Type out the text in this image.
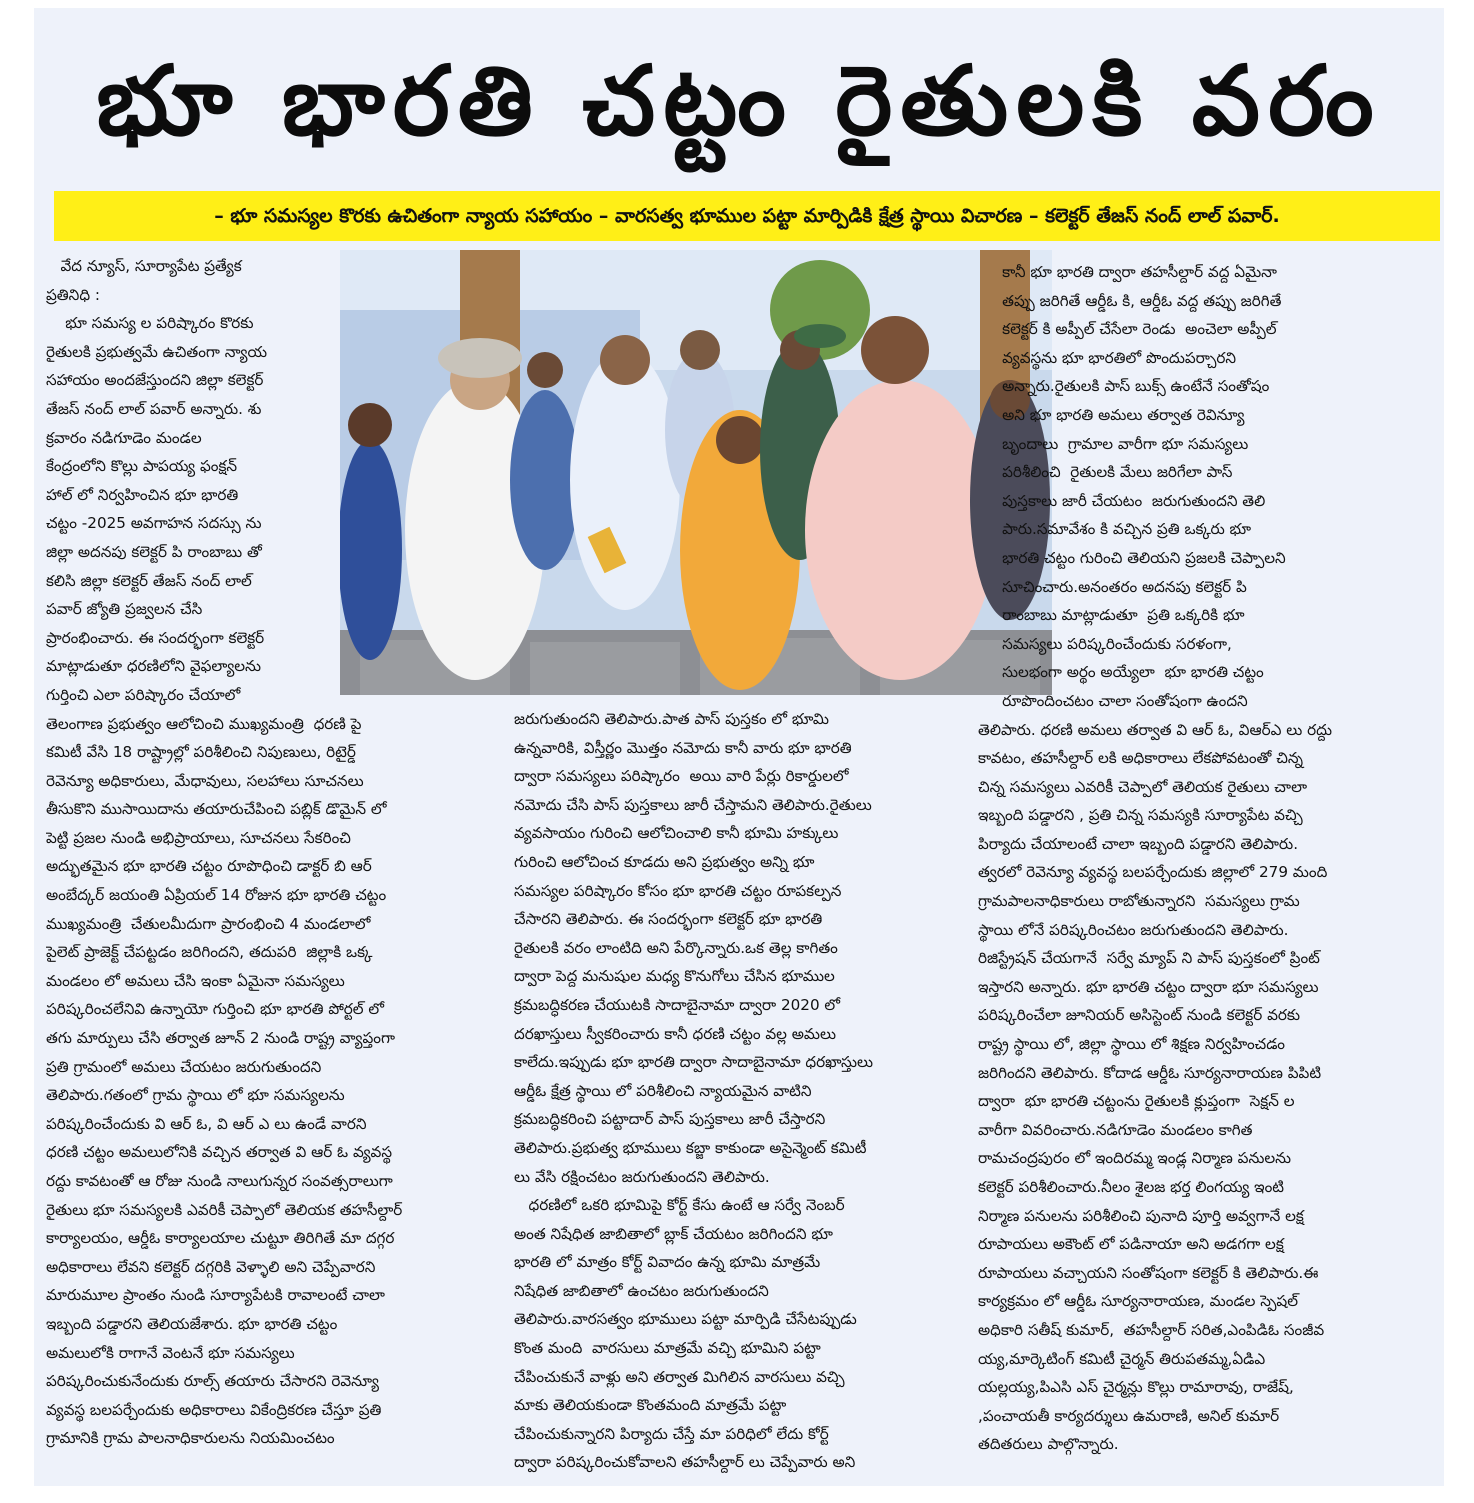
భూ భారతి చట్టం రైతులకి వరం
– భూ సమస్యల కొరకు ఉచితంగా న్యాయ సహాయం – వారసత్వ భూముల పట్టా మార్పిడికి క్షేత్ర స్థాయి విచారణ – కలెక్టర్ తేజస్ నంద్ లాల్ పవార్.
వేద న్యూస్, సూర్యాపేట ప్రత్యేక
ప్రతినిధి :
భూ సమస్య ల పరిష్కారం కొరకు
రైతులకి ప్రభుత్వమే ఉచితంగా న్యాయ
సహాయం అందజేస్తుందని జిల్లా కలెక్టర్
తేజస్ నంద్ లాల్ పవార్ అన్నారు. శు
క్రవారం నడిగూడెం మండల
కేంద్రంలోని కొల్లు పాపయ్య ఫంక్షన్
హాల్ లో నిర్వహించిన భూ భారతి
చట్టం -2025 అవగాహన సదస్సు ను
జిల్లా అదనపు కలెక్టర్ పి రాంబాబు తో
కలిసి జిల్లా కలెక్టర్ తేజస్ నంద్ లాల్
పవార్ జ్యోతి ప్రజ్వలన చేసి
ప్రారంభించారు. ఈ సందర్భంగా కలెక్టర్
మాట్లాడుతూ ధరణిలోని వైఫల్యాలను
గుర్తించి ఎలా పరిష్కారం చేయాలో
తెలంగాణ ప్రభుత్వం ఆలోచించి ముఖ్యమంత్రి  ధరణి పై
కమిటీ వేసి 18 రాష్ట్రాల్లో పరిశీలించి నిపుణులు, రిటైర్డ్
రెవెన్యూ అధికారులు, మేధావులు, సలహాలు సూచనలు
తీసుకొని ముసాయిదాను తయారుచేపించి పబ్లిక్ డొమైన్ లో
పెట్టి ప్రజల నుండి అభిప్రాయాలు, సూచనలు సేకరించి
అద్భుతమైన భూ భారతి చట్టం రూపొధించి డాక్టర్ బి ఆర్
అంబేద్కర్ జయంతి ఏప్రియల్ 14 రోజున భూ భారతి చట్టం
ముఖ్యమంత్రి  చేతులమీదుగా ప్రారంభించి 4 మండలాలో
పైలెట్ ప్రాజెక్ట్ చేపట్టడం జరిగిందని, తదుపరి  జిల్లాకి ఒక్క
మండలం లో అమలు చేసి ఇంకా ఏమైనా సమస్యలు
పరిష్కరించలేనివి ఉన్నాయో గుర్తించి భూ భారతి పోర్టల్ లో
తగు మార్పులు చేసి తర్వాత జూన్ 2 నుండి రాష్ట్ర వ్యాప్తంగా
ప్రతి గ్రామంలో అమలు చేయటం జరుగుతుందని
తెలిపారు.గతంలో గ్రామ స్థాయి లో భూ సమస్యలను
పరిష్కరించేందుకు వి ఆర్ ఓ, వి ఆర్ ఎ లు ఉండే వారని
ధరణి చట్టం అమలులోనికి వచ్చిన తర్వాత వి ఆర్ ఓ వ్యవస్థ
రద్దు కావటంతో ఆ రోజు నుండి నాలుగున్నర సంవత్సరాలుగా
రైతులు భూ సమస్యలకి ఎవరికీ చెప్పాలో తెలియక తహసీల్దార్
కార్యాలయం, ఆర్డీఓ కార్యాలయాల చుట్టూ తిరిగితే మా దగ్గర
అధికారాలు లేవని కలెక్టర్ దగ్గరికి వెళ్ళాలి అని చెప్పేవారని
మారుమూల ప్రాంతం నుండి సూర్యాపేటకి రావాలంటే చాలా
ఇబ్బంది పడ్డారని తెలియజేశారు. భూ భారతి చట్టం
అమలులోకి రాగానే వెంటనే భూ సమస్యలు
పరిష్కరించుకునేందుకు రూల్స్ తయారు చేసారని రెవెన్యూ
వ్యవస్థ బలపర్చేందుకు అధికారాలు వికేంద్రికరణ చేస్తూ ప్రతి
గ్రామానికి గ్రామ పాలనాధికారులను నియమించటం
జరుగుతుందని తెలిపారు.పాత పాస్ పుస్తకం లో భూమి
ఉన్నవారికి, విస్తీర్ణం మొత్తం నమోదు కానీ వారు భూ భారతి
ద్వారా సమస్యలు పరిష్కారం  అయి వారి పేర్లు రికార్డులలో
నమోదు చేసి పాస్ పుస్తకాలు జారీ చేస్తామని తెలిపారు.రైతులు
వ్యవసాయం గురించి ఆలోచించాలి కానీ భూమి హక్కులు
గురించి ఆలోచించ కూడదు అని ప్రభుత్వం అన్ని భూ
సమస్యల పరిష్కారం కోసం భూ భారతి చట్టం రూపకల్పన
చేసారని తెలిపారు. ఈ సందర్భంగా కలెక్టర్ భూ భారతి
రైతులకి వరం లాంటిది అని పేర్కొన్నారు.ఒక తెల్ల కాగితం
ద్వారా పెద్ద మనుషుల మధ్య కొనుగోలు చేసిన భూముల
క్రమబద్ధికరణ చేయుటకి సాదాబైనామా ద్వారా 2020 లో
దరఖాస్తులు స్వీకరించారు కానీ ధరణి చట్టం వల్ల అమలు
కాలేదు.ఇప్పుడు భూ భారతి ద్వారా సాదాబైనామా ధరఖాస్తులు
ఆర్డీఓ క్షేత్ర స్థాయి లో పరిశీలించి న్యాయమైన వాటిని
క్రమబద్ధికరించి పట్టాదార్ పాస్ పుస్తకాలు జారీ చేస్తారని
తెలిపారు.ప్రభుత్వ భూములు కబ్జా కాకుండా అసైన్మెంట్ కమిటీ
లు వేసి రక్షించటం జరుగుతుందని తెలిపారు.
ధరణిలో ఒకరి భూమిపై కోర్ట్ కేసు ఉంటే ఆ సర్వే నెంబర్
అంత నిషేధిత జాబితాలో బ్లాక్ చేయటం జరిగిందని భూ
భారతి లో మాత్రం కోర్ట్ వివాదం ఉన్న భూమి మాత్రమే
నిషేధిత జాబితాలో ఉంచటం జరుగుతుందని
తెలిపారు.వారసత్వం భూములు పట్టా మార్పిడి చేసేటప్పుడు
కొంత మంది  వారసులు మాత్రమే వచ్చి భూమిని పట్టా
చేపించుకునే వాళ్లు అని తర్వాత మిగిలిన వారసులు వచ్చి
మాకు తెలియకుండా కొంతమంది మాత్రమే పట్టా
చేపించుకున్నారని పిర్యాదు చేస్తే మా పరిధిలో లేదు కోర్ట్
ద్వారా పరిష్కరించుకోవాలని తహసీల్దార్ లు చెప్పేవారు అని
కానీ భూ భారతి ద్వారా తహసీల్దార్ వద్ద ఏమైనా
తప్పు జరిగితే ఆర్డీఓ కి, ఆర్డీఓ వద్ద తప్పు జరిగితే
కలెక్టర్ కి అప్పీల్ చేసేలా రెండు  అంచెలా అప్పీల్
వ్యవస్థను భూ భారతిలో పొందుపర్చారని
అన్నారు.రైతులకి పాస్ బుక్స్ ఉంటేనే సంతోషం
అని భూ భారతి అమలు తర్వాత రెవిన్యూ
బృందాలు  గ్రామాల వారీగా భూ సమస్యలు
పరిశీలించి  రైతులకి మేలు జరిగేలా పాస్
పుస్తకాలు జారీ చేయటం  జరుగుతుందని తెలి
పారు.సమావేశం కి వచ్చిన ప్రతి ఒక్కరు భూ
భారతి చట్టం గురించి తెలియని ప్రజలకి చెప్పాలని
సూచించారు.అనంతరం అదనపు కలెక్టర్ పి
రాంబాబు మాట్లాడుతూ  ప్రతి ఒక్కరికి భూ
సమస్యలు పరిష్కరించేందుకు సరళంగా,
సులభంగా అర్థం అయ్యేలా  భూ భారతి చట్టం
రూపొందించటం చాలా సంతోషంగా ఉందని
తెలిపారు. ధరణి అమలు తర్వాత వి ఆర్ ఓ, విఆర్ఎ లు రద్దు
కావటం, తహసీల్దార్ లకి అధికారాలు లేకపోవటంతో చిన్న
చిన్న సమస్యలు ఎవరికీ చెప్పాలో తెలియక రైతులు చాలా
ఇబ్బంది పడ్డారని , ప్రతి చిన్న సమస్యకి సూర్యాపేట వచ్చి
పిర్యాదు చేయాలంటే చాలా ఇబ్బంది పడ్డారని తెలిపారు.
త్వరలో రెవెన్యూ వ్యవస్థ బలపర్చేందుకు జిల్లాలో 279 మంది
గ్రామపాలనాధికారులు రాబోతున్నారని  సమస్యలు గ్రామ
స్థాయి లోనే పరిష్కరించటం జరుగుతుందని తెలిపారు.
రిజిస్ట్రేషన్ చేయగానే  సర్వే మ్యాప్ ని పాస్ పుస్తకంలో ప్రింట్
ఇస్తారని అన్నారు. భూ భారతి చట్టం ద్వారా భూ సమస్యలు
పరిష్కరించేలా జూనియర్ అసిస్టెంట్ నుండి కలెక్టర్ వరకు
రాష్ట్ర స్థాయి లో, జిల్లా స్థాయి లో శిక్షణ నిర్వహించడం
జరిగిందని తెలిపారు. కోదాడ ఆర్డీఓ సూర్యనారాయణ పిపిటి
ద్వారా  భూ భారతి చట్టంను రైతులకి క్లుప్తంగా  సెక్షన్ ల
వారీగా వివరించారు.నడిగూడెం మండలం కాగిత
రామచంద్రపురం లో ఇందిరమ్మ ఇండ్ల నిర్మాణ పనులను
కలెక్టర్ పరిశీలించారు.నీలం శైలజ భర్త లింగయ్య ఇంటి
నిర్మాణ పనులను పరిశీలించి పునాది పూర్తి అవ్వగానే లక్ష
రూపాయలు అకౌంట్ లో పడినాయా అని అడగగా లక్ష
రూపాయలు వచ్చాయని సంతోషంగా కలెక్టర్ కి తెలిపారు.ఈ
కార్యక్రమం లో ఆర్డీఓ సూర్యనారాయణ, మండల స్పెషల్
అధికారి సతీష్ కుమార్,  తహసీల్దార్ సరిత,ఎంపిడిఓ సంజీవ
య్య,మార్కెటింగ్ కమిటీ చైర్మన్ తిరుపతమ్మ,ఏడిఎ
యల్లయ్య,పిఎసి ఎస్ చైర్మన్లు కొల్లు రామారావు, రాజేష్,
,పంచాయతీ కార్యదర్శులు ఉమరాణి, అనిల్ కుమార్
తదితరులు పాల్గొన్నారు.
